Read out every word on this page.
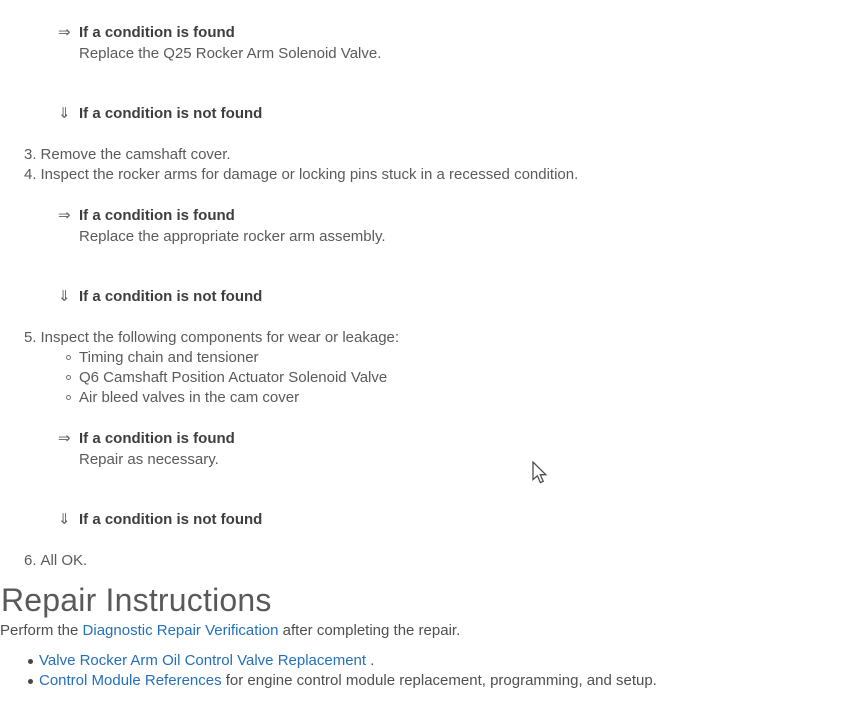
⇒ If a condition is found
Replace the Q25 Rocker Arm Solenoid Valve.
⇓ If a condition is not found
3. Remove the camshaft cover.
4. Inspect the rocker arms for damage or locking pins stuck in a recessed condition.
⇒ If a condition is found
Replace the appropriate rocker arm assembly.
⇓ If a condition is not found
5. Inspect the following components for wear or leakage:
Timing chain and tensioner
Q6 Camshaft Position Actuator Solenoid Valve
Air bleed valves in the cam cover
⇒ If a condition is found
Repair as necessary.
⇓ If a condition is not found
6. All OK.
Repair Instructions

Perform the Diagnostic Repair Verification after completing the repair.

Valve Rocker Arm Oil Control Valve Replacement .
Control Module References for engine control module replacement, programming, and setup.
